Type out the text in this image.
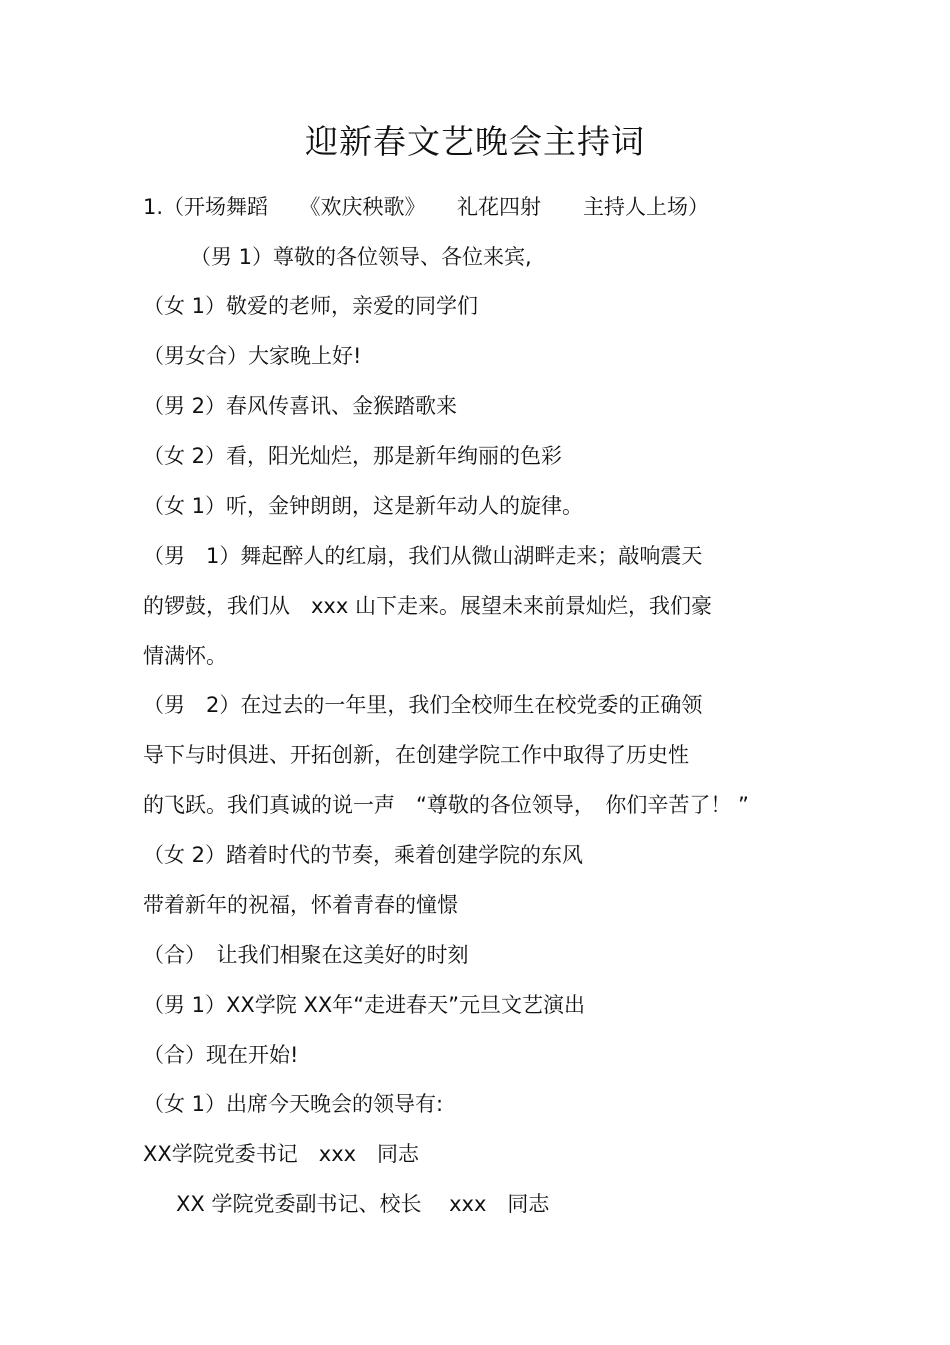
迎新春文艺晚会主持词
1.（开场舞蹈　　《欢庆秧歌》　　礼花四射　　主持人上场）
（男 1）尊敬的各位领导、各位来宾,
（女 1）敬爱的老师，亲爱的同学们
（男女合）大家晚上好!
（男 2）春风传喜讯、金猴踏歌来
（女 2）看，阳光灿烂，那是新年绚丽的色彩
（女 1）听，金钟朗朗，这是新年动人的旋律。
（男　1）舞起醉人的红扇，我们从微山湖畔走来；敲响震天
的锣鼓，我们从　xxx 山下走来。展望未来前景灿烂，我们豪
情满怀。
（男　2）在过去的一年里，我们全校师生在校党委的正确领
导下与时俱进、开拓创新，在创建学院工作中取得了历史性
的飞跃。我们真诚的说一声　“尊敬的各位领导，　你们辛苦了！ ”
（女 2）踏着时代的节奏，乘着创建学院的东风
带着新年的祝福，怀着青春的憧憬
（合）　让我们相聚在这美好的时刻
（男 1）XX学院 XX年“走进春天”元旦文艺演出
（合）现在开始!
（女 1）出席今天晚会的领导有:
XX学院党委书记　xxx　同志
XX 学院党委副书记、校长　 xxx　同志
